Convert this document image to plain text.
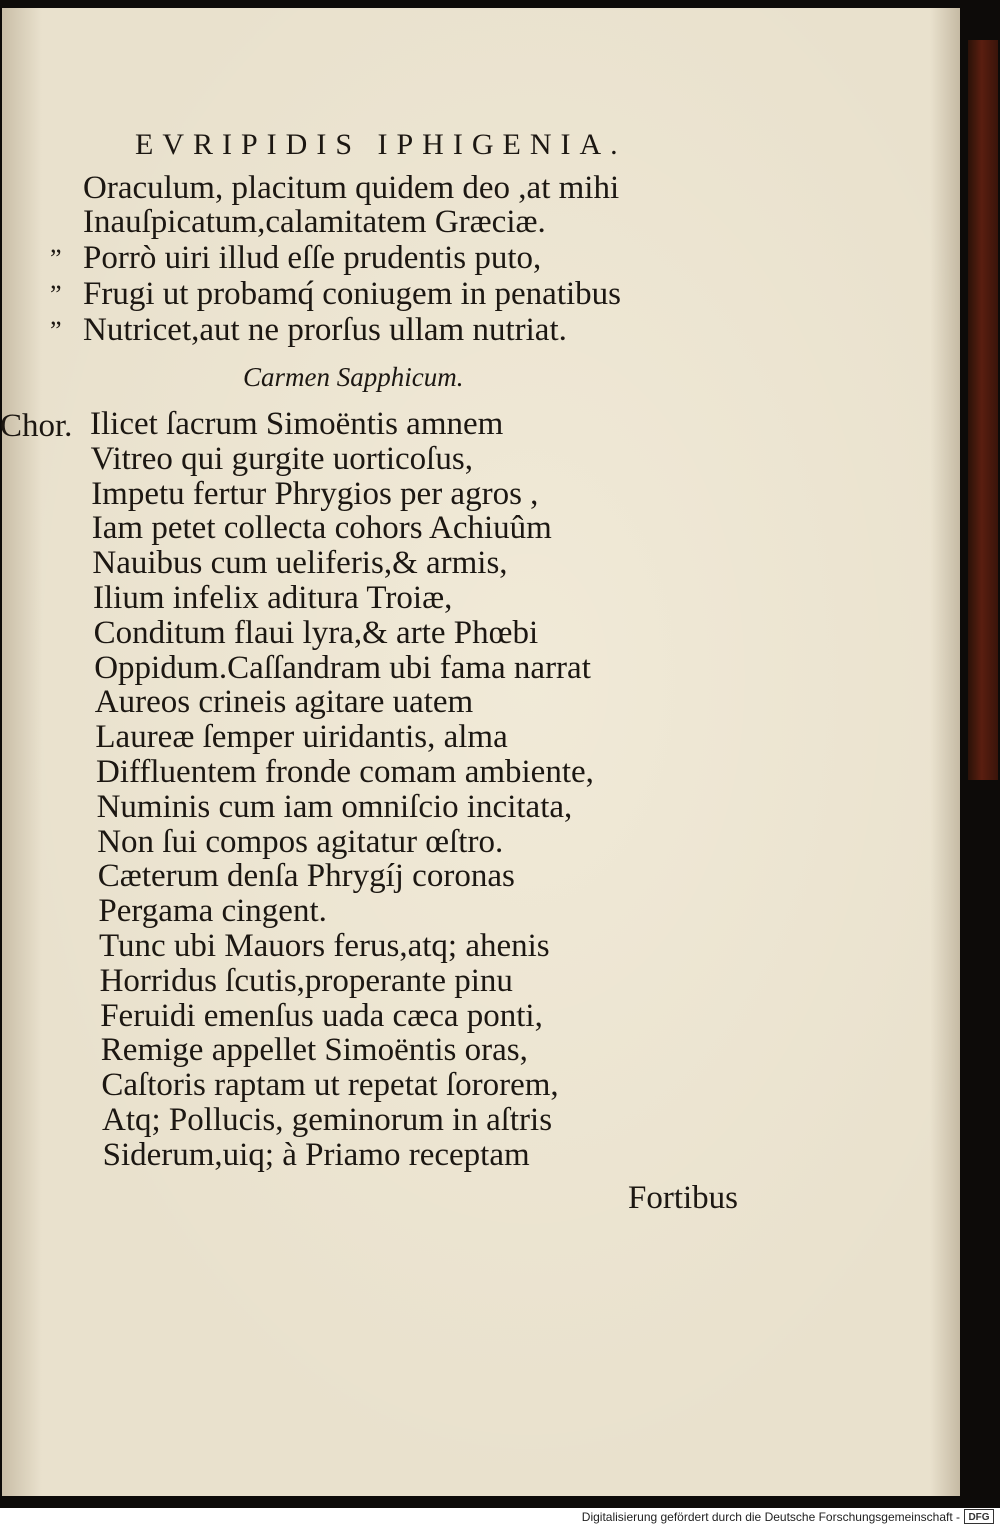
EVRIPIDIS IPHIGENIA.
Oraculum, placitum quidem deo ,at mihi
Inauſpicatum,calamitatem Græciæ.
” Porrò uiri illud eſſe prudentis puto,
” Frugi ut probamq́ coniugem in penatibus
” Nutricet,aut ne prorſus ullam nutriat.
Carmen Sapphicum.
Chor. Ilicet ſacrum Simoëntis amnem
Vitreo qui gurgite uorticoſus,
Impetu fertur Phrygios per agros ,
Iam petet collecta cohors Achiuûm
Nauibus cum ueliferis,& armis,
Ilium infelix aditura Troiæ,
Conditum flaui lyra,& arte Phœbi
Oppidum.Caſſandram ubi fama narrat
Aureos crineis agitare uatem
Laureæ ſemper uiridantis, alma
Diffluentem fronde comam ambiente,
Numinis cum iam omniſcio incitata,
Non ſui compos agitatur œſtro.
Cæterum denſa Phrygíj coronas
Pergama cingent.
Tunc ubi Mauors ferus,atq; ahenis
Horridus ſcutis,properante pinu
Feruidi emenſus uada cæca ponti,
Remige appellet Simoëntis oras,
Caſtoris raptam ut repetat ſororem,
Atq; Pollucis, geminorum in aſtris
Siderum,uiq; à Priamo receptam
Fortibus
Digitalisierung gefördert durch die Deutsche Forschungsgemeinschaft - DFG
